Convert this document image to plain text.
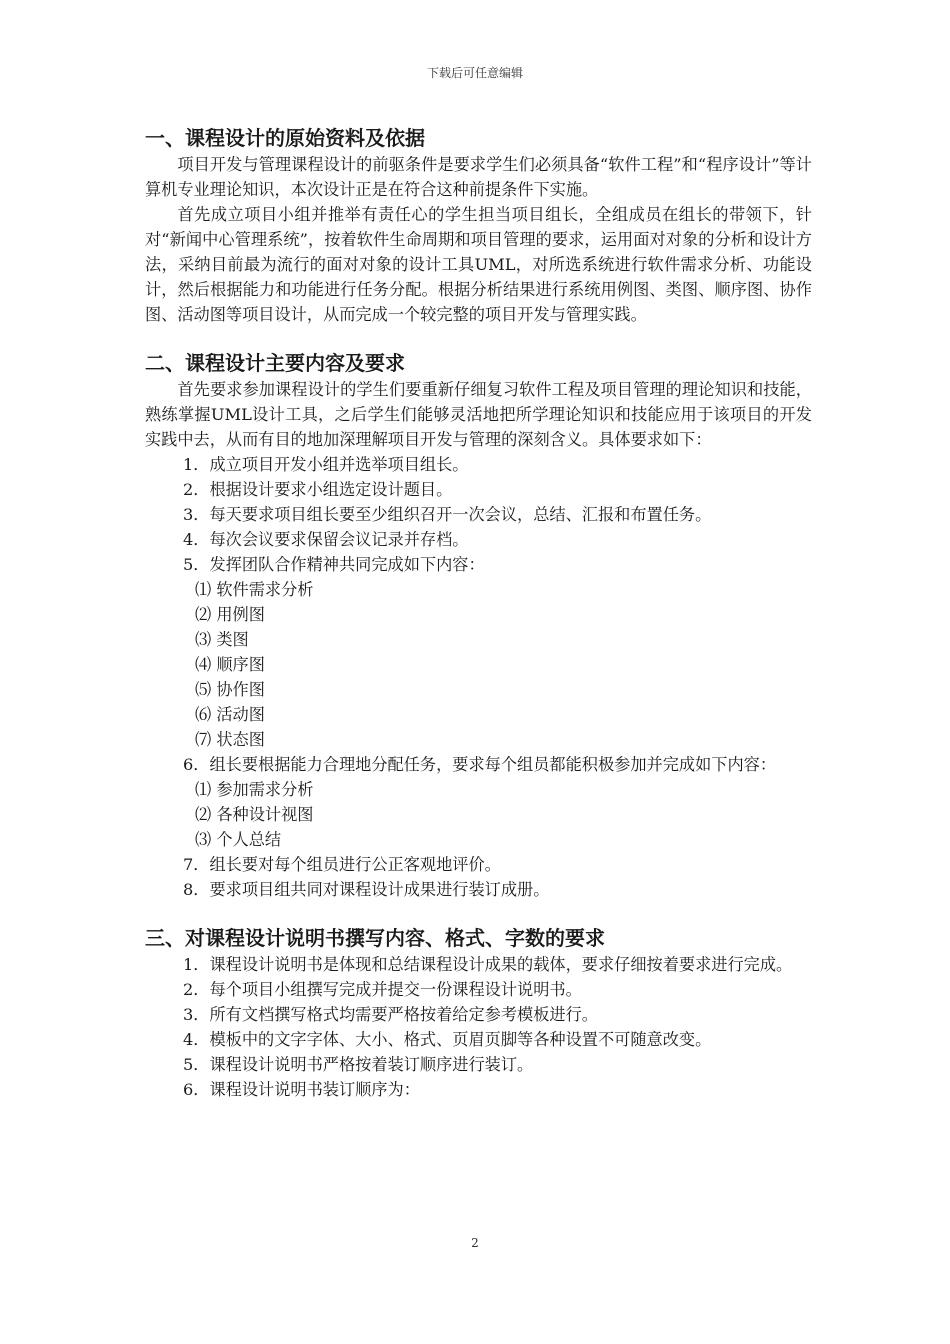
下载后可任意编辑
一、课程设计的原始资料及依据
项目开发与管理课程设计的前驱条件是要求学生们必须具备“软件工程”和“程序设计”等计算机专业理论知识，本次设计正是在符合这种前提条件下实施。
首先成立项目小组并推举有责任心的学生担当项目组长，全组成员在组长的带领下，针对“新闻中心管理系统”，按着软件生命周期和项目管理的要求，运用面对对象的分析和设计方法，采纳目前最为流行的面对对象的设计工具UML，对所选系统进行软件需求分析、功能设计，然后根据能力和功能进行任务分配。根据分析结果进行系统用例图、类图、顺序图、协作图、活动图等项目设计，从而完成一个较完整的项目开发与管理实践。
二、课程设计主要内容及要求
首先要求参加课程设计的学生们要重新仔细复习软件工程及项目管理的理论知识和技能，熟练掌握UML设计工具，之后学生们能够灵活地把所学理论知识和技能应用于该项目的开发实践中去，从而有目的地加深理解项目开发与管理的深刻含义。具体要求如下：
1．成立项目开发小组并选举项目组长。
2．根据设计要求小组选定设计题目。
3．每天要求项目组长要至少组织召开一次会议，总结、汇报和布置任务。
4．每次会议要求保留会议记录并存档。
5．发挥团队合作精神共同完成如下内容：
⑴ 软件需求分析
⑵ 用例图
⑶ 类图
⑷ 顺序图
⑸ 协作图
⑹ 活动图
⑺ 状态图
6．组长要根据能力合理地分配任务，要求每个组员都能积极参加并完成如下内容：
⑴ 参加需求分析
⑵ 各种设计视图
⑶ 个人总结
7．组长要对每个组员进行公正客观地评价。
8．要求项目组共同对课程设计成果进行装订成册。
三、对课程设计说明书撰写内容、格式、字数的要求
1．课程设计说明书是体现和总结课程设计成果的载体，要求仔细按着要求进行完成。
2．每个项目小组撰写完成并提交一份课程设计说明书。
3．所有文档撰写格式均需要严格按着给定参考模板进行。
4．模板中的文字字体、大小、格式、页眉页脚等各种设置不可随意改变。
5．课程设计说明书严格按着装订顺序进行装订。
6．课程设计说明书装订顺序为：
2
